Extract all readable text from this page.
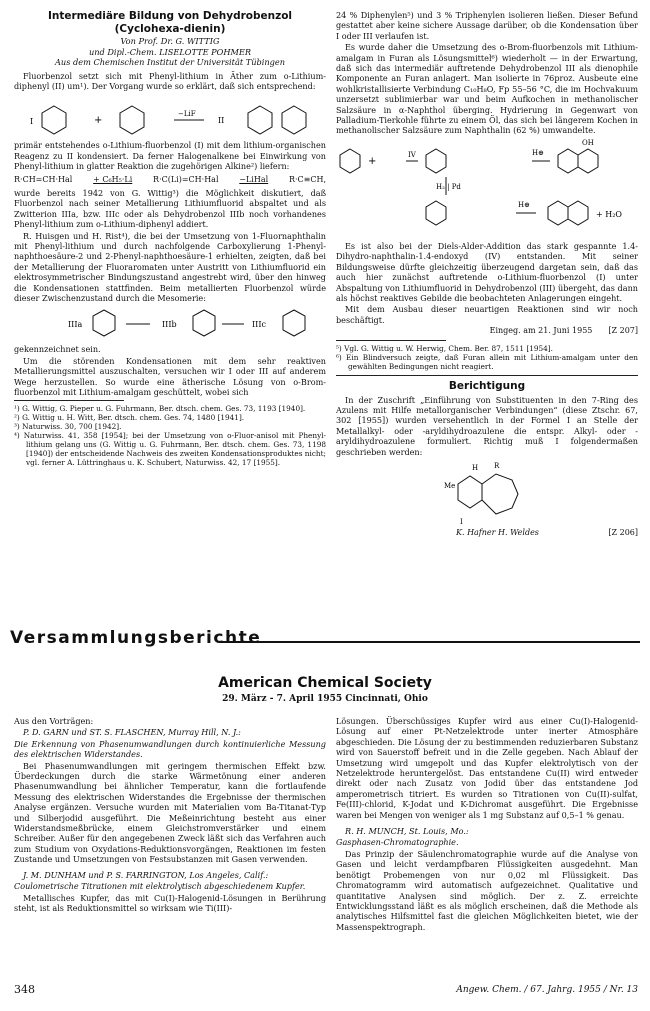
Intermediäre Bildung von Dehydrobenzol
(Cyclohexa-dienin)
Von Prof. Dr. G. WITTIG
und Dipl.-Chem. LISELOTTE POHMER
Aus dem Chemischen Institut der Universität Tübingen

Fluorbenzol setzt sich mit Phenyl-lithium in Äther zum o-Lithium-diphenyl (II) um¹). Der Vorgang wurde so erklärt, daß sich entsprechend:

I	+
−LiF
II

primär entstehendes o-Lithium-fluorbenzol (I) mit dem lithium-organischen Reagenz zu II kondensiert. Da ferner Halogenalkene bei Einwirkung von Phenyl-lithium in glatter Reaktion die zugehörigen Alkine²) liefern:

R·CH=CH·Hal	+ C₆H₅·Li	R·C(Li)=CH·Hal	−LiHal	R·C≡CH,

wurde bereits 1942 von G. Wittig³) die Möglichkeit diskutiert, daß Fluorbenzol nach seiner Metallierung Lithiumfluorid abspaltet und als Zwitterion IIIa, bzw. IIIc oder als Dehydrobenzol IIIb noch vorhandenes Phenyl-lithium zum o-Lithium-diphenyl addiert.

R. Huisgen und H. Rist⁴), die bei der Umsetzung von 1-Fluornaphthalin mit Phenyl-lithium und durch nachfolgende Carboxylierung 1-Phenyl-naphthoesäure-2 und 2-Phenyl-naphthoesäure-1 erhielten, zeigten, daß bei der Metallierung der Fluoraromaten unter Austritt von Lithiumfluorid ein elektrosymmetrischer Bindungszustand angestrebt wird, über den hinweg die Kondensationen stattfinden. Beim metallierten Fluorbenzol würde dieser Zwischenzustand durch die Mesomerie:

IIIa	IIIb	IIIc

gekennzeichnet sein.

Um die störenden Kondensationen mit dem sehr reaktiven Metallierungsmittel auszuschalten, versuchen wir I oder III auf anderem Wege herzustellen. So wurde eine ätherische Lösung von o-Brom-fluorbenzol mit Lithium-amalgam geschüttelt, wobei sich

¹) G. Wittig, G. Pieper u. G. Fuhrmann, Ber. dtsch. chem. Ges. 73, 1193 [1940].

²) G. Wittig u. H. Witt, Ber. dtsch. chem. Ges. 74, 1480 [1941].

³) Naturwiss. 30, 700 [1942].

⁴) Naturwiss. 41, 358 [1954]; bei der Umsetzung von o-Fluor-anisol mit Phenyl-lithium gelang uns (G. Wittig u. G. Fuhrmann, Ber. dtsch. chem. Ges. 73, 1198 [1940]) der entscheidende Nachweis des zweiten Kondensationsproduktes nicht; vgl. ferner A. Lüttringhaus u. K. Schubert, Naturwiss. 42, 17 [1955].

24 % Diphenylen⁵) und 3 % Triphenylen isolieren ließen. Dieser Befund gestattet aber keine sichere Aussage darüber, ob die Kondensation über I oder III verlaufen ist.

Es wurde daher die Umsetzung des o-Brom-fluorbenzols mit Lithium-amalgam in Furan als Lösungsmittel⁶) wiederholt — in der Erwartung, daß sich das intermediär auftretende Dehydrobenzol III als dienophile Komponente an Furan anlagert. Man isolierte in 76proz. Ausbeute eine wohlkristallisierte Verbindung C₁₀H₈O, Fp 55–56 °C, die im Hochvakuum unzersetzt sublimierbar war und beim Aufkochen in methanolischer Salzsäure in α-Naphthol überging. Hydrierung in Gegenwart von Palladium-Tierkohle führte zu einem Öl, das sich bei längerem Kochen in methanolischer Salzsäure zum Naphthalin (62 %) umwandelte.

+
IV	H⊕
OH
H₂ | Pd
H⊕
+ H₂O

Es ist also bei der Diels-Alder-Addition das stark gespannte 1.4-Dihydro-naphthalin-1.4-endoxyd (IV) entstanden. Mit seiner Bildungsweise dürfte gleichzeitig überzeugend dargetan sein, daß das auch hier zunächst auftretende o-Lithium-fluorbenzol (I) unter Abspaltung von Lithiumfluorid in Dehydrobenzol (III) übergeht, das dann als höchst reaktives Gebilde die beobachteten Anlagerungen eingeht.

Mit dem Ausbau dieser neuartigen Reaktionen sind wir noch beschäftigt.

Eingeg. am 21. Juni 1955 [Z 207]

⁵) Vgl. G. Wittig u. W. Herwig, Chem. Ber. 87, 1511 [1954].

⁶) Ein Blindversuch zeigte, daß Furan allein mit Lithium-amalgam unter den gewählten Bedingungen nicht reagiert.

Berichtigung

In der Zuschrift „Einführung von Substituenten in den 7-Ring des Azulens mit Hilfe metallorganischer Verbindungen“ (diese Ztschr. 67, 302 [1955]) wurden versehentlich in der Formel I an Stelle der Metallalkyl- oder -aryldihydroazulene die entspr. Alkyl- oder -aryldihydroazulene formuliert. Richtig muß I folgendermaßen geschrieben werden:

H R
Me
I
K. Hafner H. Weldes	[Z 206]
Versammlungsberichte
American Chemical Society
29. März - 7. April 1955 Cincinnati, Ohio

Aus den Vorträgen:

P. D. GARN und ST. S. FLASCHEN, Murray Hill, N. J.:

Die Erkennung von Phasenumwandlungen durch kontinuierliche Messung des elektrischen Widerstandes.

Bei Phasenumwandlungen mit geringem thermischen Effekt bzw. Überdeckungen durch die starke Wärmetönung einer anderen Phasenumwandlung bei ähnlicher Temperatur, kann die fortlaufende Messung des elektrischen Widerstandes die Ergebnisse der thermischen Analyse ergänzen. Versuche wurden mit Materialien vom Ba-Titanat-Typ und Silberjodid ausgeführt. Die Meßeinrichtung besteht aus einer Widerstandsmeßbrücke, einem Gleichstromverstärker und einem Schreiber. Außer für den angegebenen Zweck läßt sich das Verfahren auch zum Studium von Oxydations-Reduktionsvorgängen, Reaktionen im festen Zustande und Umsetzungen von Festsubstanzen mit Gasen verwenden.

J. M. DUNHAM und P. S. FARRINGTON, Los Angeles, Calif.:

Coulometrische Titrationen mit elektrolytisch abgeschiedenem Kupfer.

Metallisches Kupfer, das mit Cu(I)-Halogenid-Lösungen in Berührung steht, ist als Reduktionsmittel so wirksam wie Ti(III)-

Lösungen. Überschüssiges Kupfer wird aus einer Cu(I)-Halogenid-Lösung auf einer Pt-Netzelektrode unter inerter Atmosphäre abgeschieden. Die Lösung der zu bestimmenden reduzierbaren Substanz wird von Sauerstoff befreit und in die Zelle gegeben. Nach Ablauf der Umsetzung wird umgepolt und das Kupfer elektrolytisch von der Netzelektrode heruntergelöst. Das entstandene Cu(II) wird entweder direkt oder nach Zusatz von Jodid über das entstandene Jod amperometrisch titriert. Es wurden so Titrationen von Cu(II)-sulfat, Fe(III)-chlorid, K-Jodat und K-Dichromat ausgeführt. Die Ergebnisse waren bei Mengen von weniger als 1 mg Substanz auf 0,5–1 % genau.

R. H. MUNCH, St. Louis, Mo.:

Gasphasen-Chromatographie.

Das Prinzip der Säulenchromatographie wurde auf die Analyse von Gasen und leicht verdampfbaren Flüssigkeiten ausgedehnt. Man benötigt Probemengen von nur 0,02 ml Flüssigkeit. Das Chromatogramm wird automatisch aufgezeichnet. Qualitative und quantitative Analysen sind möglich. Der z. Z. erreichte Entwicklungsstand läßt es als möglich erscheinen, daß die Methode als analytisches Hilfsmittel fast die gleichen Möglichkeiten bietet, wie der Massenspektrograph.

348	Angew. Chem. / 67. Jahrg. 1955 / Nr. 13
